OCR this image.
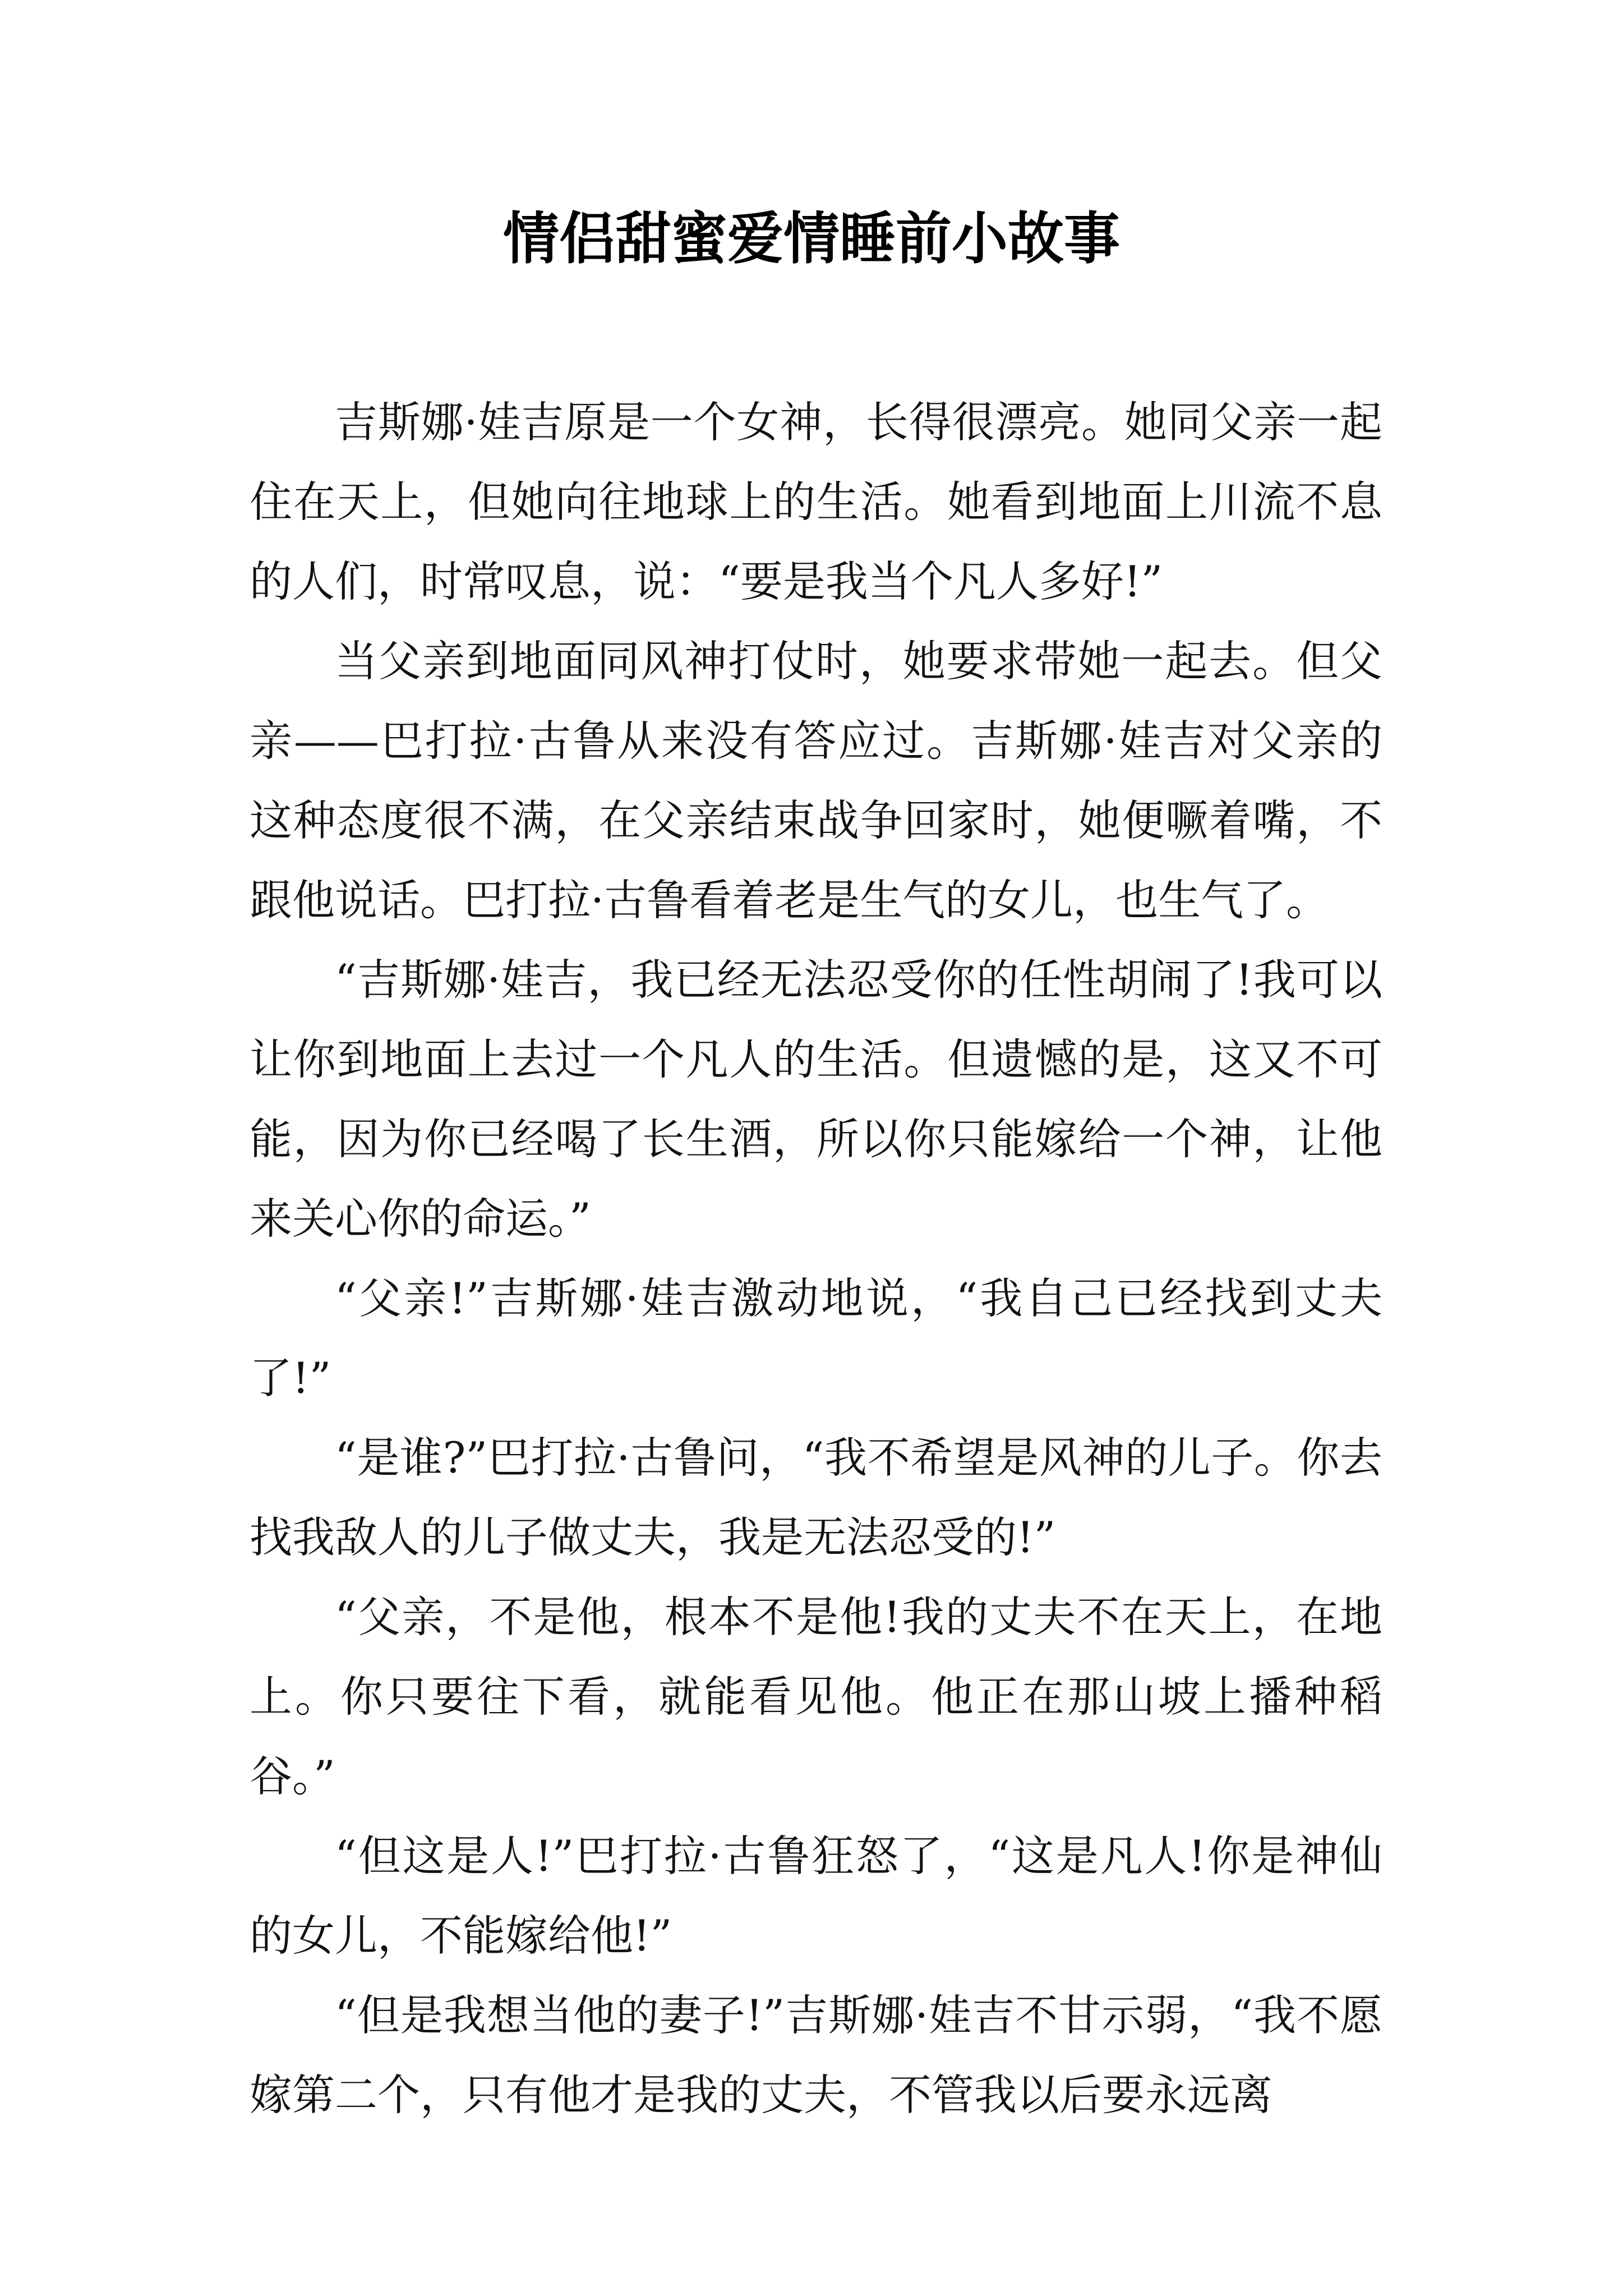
情侣甜蜜爱情睡前小故事

吉斯娜·娃吉原是一个女神，长得很漂亮。她同父亲一起住在天上，但她向往地球上的生活。她看到地面上川流不息的人们，时常叹息，说：“要是我当个凡人多好!”

当父亲到地面同风神打仗时，她要求带她一起去。但父亲——巴打拉·古鲁从来没有答应过。吉斯娜·娃吉对父亲的这种态度很不满，在父亲结束战争回家时，她便噘着嘴，不跟他说话。巴打拉·古鲁看着老是生气的女儿，也生气了。

“吉斯娜·娃吉，我已经无法忍受你的任性胡闹了!我可以让你到地面上去过一个凡人的生活。但遗憾的是，这又不可能，因为你已经喝了长生酒，所以你只能嫁给一个神，让他来关心你的命运。”

“父亲!”吉斯娜·娃吉激动地说，“我自己已经找到丈夫了!”

“是谁?”巴打拉·古鲁问，“我不希望是风神的儿子。你去找我敌人的儿子做丈夫，我是无法忍受的!”

“父亲，不是他，根本不是他!我的丈夫不在天上，在地上。你只要往下看，就能看见他。他正在那山坡上播种稻谷。”

“但这是人!”巴打拉·古鲁狂怒了，“这是凡人!你是神仙的女儿，不能嫁给他!”

“但是我想当他的妻子!”吉斯娜·娃吉不甘示弱，“我不愿嫁第二个，只有他才是我的丈夫，不管我以后要永远离
